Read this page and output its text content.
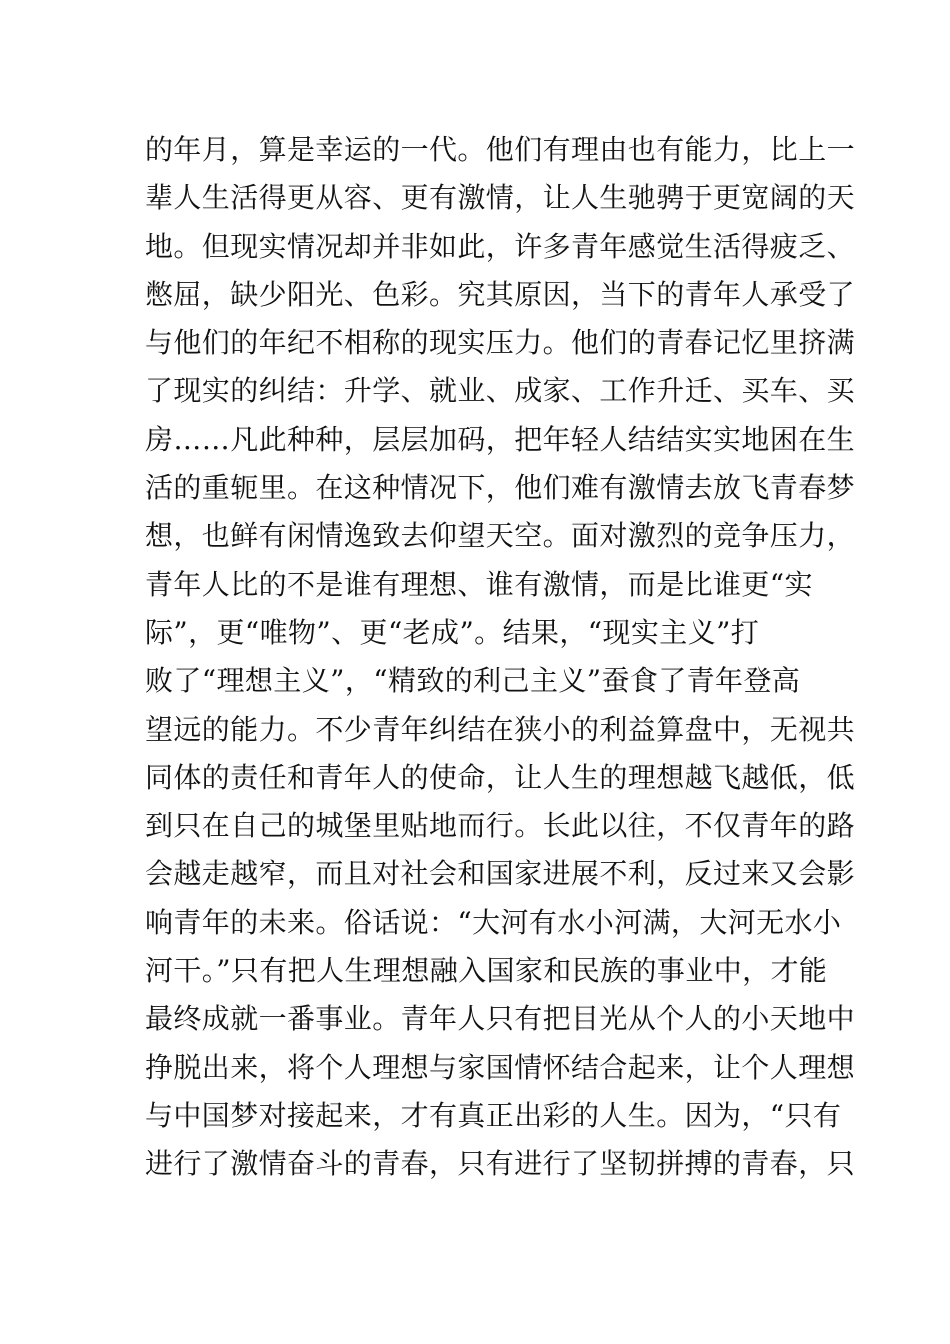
的年月，算是幸运的一代。他们有理由也有能力，比上一
辈人生活得更从容、更有激情，让人生驰骋于更宽阔的天
地。但现实情况却并非如此，许多青年感觉生活得疲乏、
憋屈，缺少阳光、色彩。究其原因，当下的青年人承受了
与他们的年纪不相称的现实压力。他们的青春记忆里挤满
了现实的纠结：升学、就业、成家、工作升迁、买车、买
房……凡此种种，层层加码，把年轻人结结实实地困在生
活的重轭里。在这种情况下，他们难有激情去放飞青春梦
想，也鲜有闲情逸致去仰望天空。面对激烈的竞争压力，
青年人比的不是谁有理想、谁有激情，而是比谁更“实
际”，更“唯物”、更“老成”。结果，“现实主义”打
败了“理想主义”，“精致的利己主义”蚕食了青年登高
望远的能力。不少青年纠结在狭小的利益算盘中，无视共
同体的责任和青年人的使命，让人生的理想越飞越低，低
到只在自己的城堡里贴地而行。长此以往，不仅青年的路
会越走越窄，而且对社会和国家进展不利，反过来又会影
响青年的未来。俗话说：“大河有水小河满，大河无水小
河干。”只有把人生理想融入国家和民族的事业中，才能
最终成就一番事业。青年人只有把目光从个人的小天地中
挣脱出来，将个人理想与家国情怀结合起来，让个人理想
与中国梦对接起来，才有真正出彩的人生。因为，“只有
进行了激情奋斗的青春，只有进行了坚韧拼搏的青春，只
